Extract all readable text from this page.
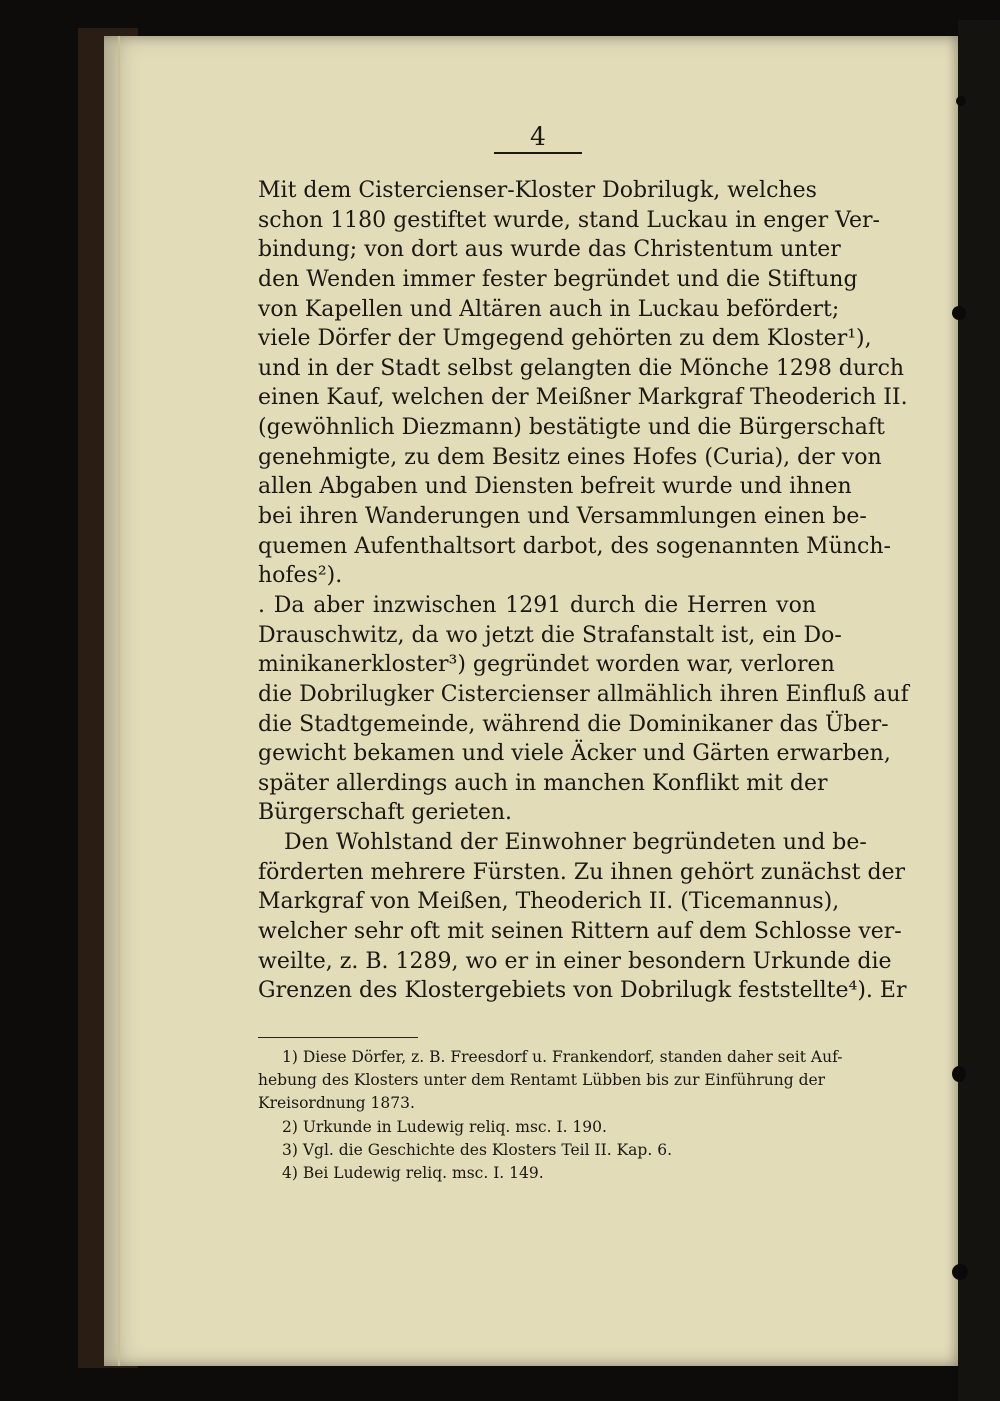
4
Mit dem Cistercienser-Kloster Dobrilugk, welches
schon 1180 gestiftet wurde, stand Luckau in enger Ver-
bindung; von dort aus wurde das Christentum unter
den Wenden immer fester begründet und die Stiftung
von Kapellen und Altären auch in Luckau befördert;
viele Dörfer der Umgegend gehörten zu dem Kloster¹),
und in der Stadt selbst gelangten die Mönche 1298 durch
einen Kauf, welchen der Meißner Markgraf Theoderich II.
(gewöhnlich Diezmann) bestätigte und die Bürgerschaft
genehmigte, zu dem Besitz eines Hofes (Curia), der von
allen Abgaben und Diensten befreit wurde und ihnen
bei ihren Wanderungen und Versammlungen einen be-
quemen Aufenthaltsort darbot, des sogenannten Münch-
hofes²).
. Da aber inzwischen 1291 durch die Herren von
Drauschwitz, da wo jetzt die Strafanstalt ist, ein Do-
minikanerkloster³) gegründet worden war, verloren
die Dobrilugker Cistercienser allmählich ihren Einfluß auf
die Stadtgemeinde, während die Dominikaner das Über-
gewicht bekamen und viele Äcker und Gärten erwarben,
später allerdings auch in manchen Konflikt mit der
Bürgerschaft gerieten.
Den Wohlstand der Einwohner begründeten und be-
förderten mehrere Fürsten. Zu ihnen gehört zunächst der
Markgraf von Meißen, Theoderich II. (Ticemannus),
welcher sehr oft mit seinen Rittern auf dem Schlosse ver-
weilte, z. B. 1289, wo er in einer besondern Urkunde die
Grenzen des Klostergebiets von Dobrilugk feststellte⁴). Er
1) Diese Dörfer, z. B. Freesdorf u. Frankendorf, standen daher seit Auf-
hebung des Klosters unter dem Rentamt Lübben bis zur Einführung der
Kreisordnung 1873.
2) Urkunde in Ludewig reliq. msc. I. 190.
3) Vgl. die Geschichte des Klosters Teil II. Kap. 6.
4) Bei Ludewig reliq. msc. I. 149.
